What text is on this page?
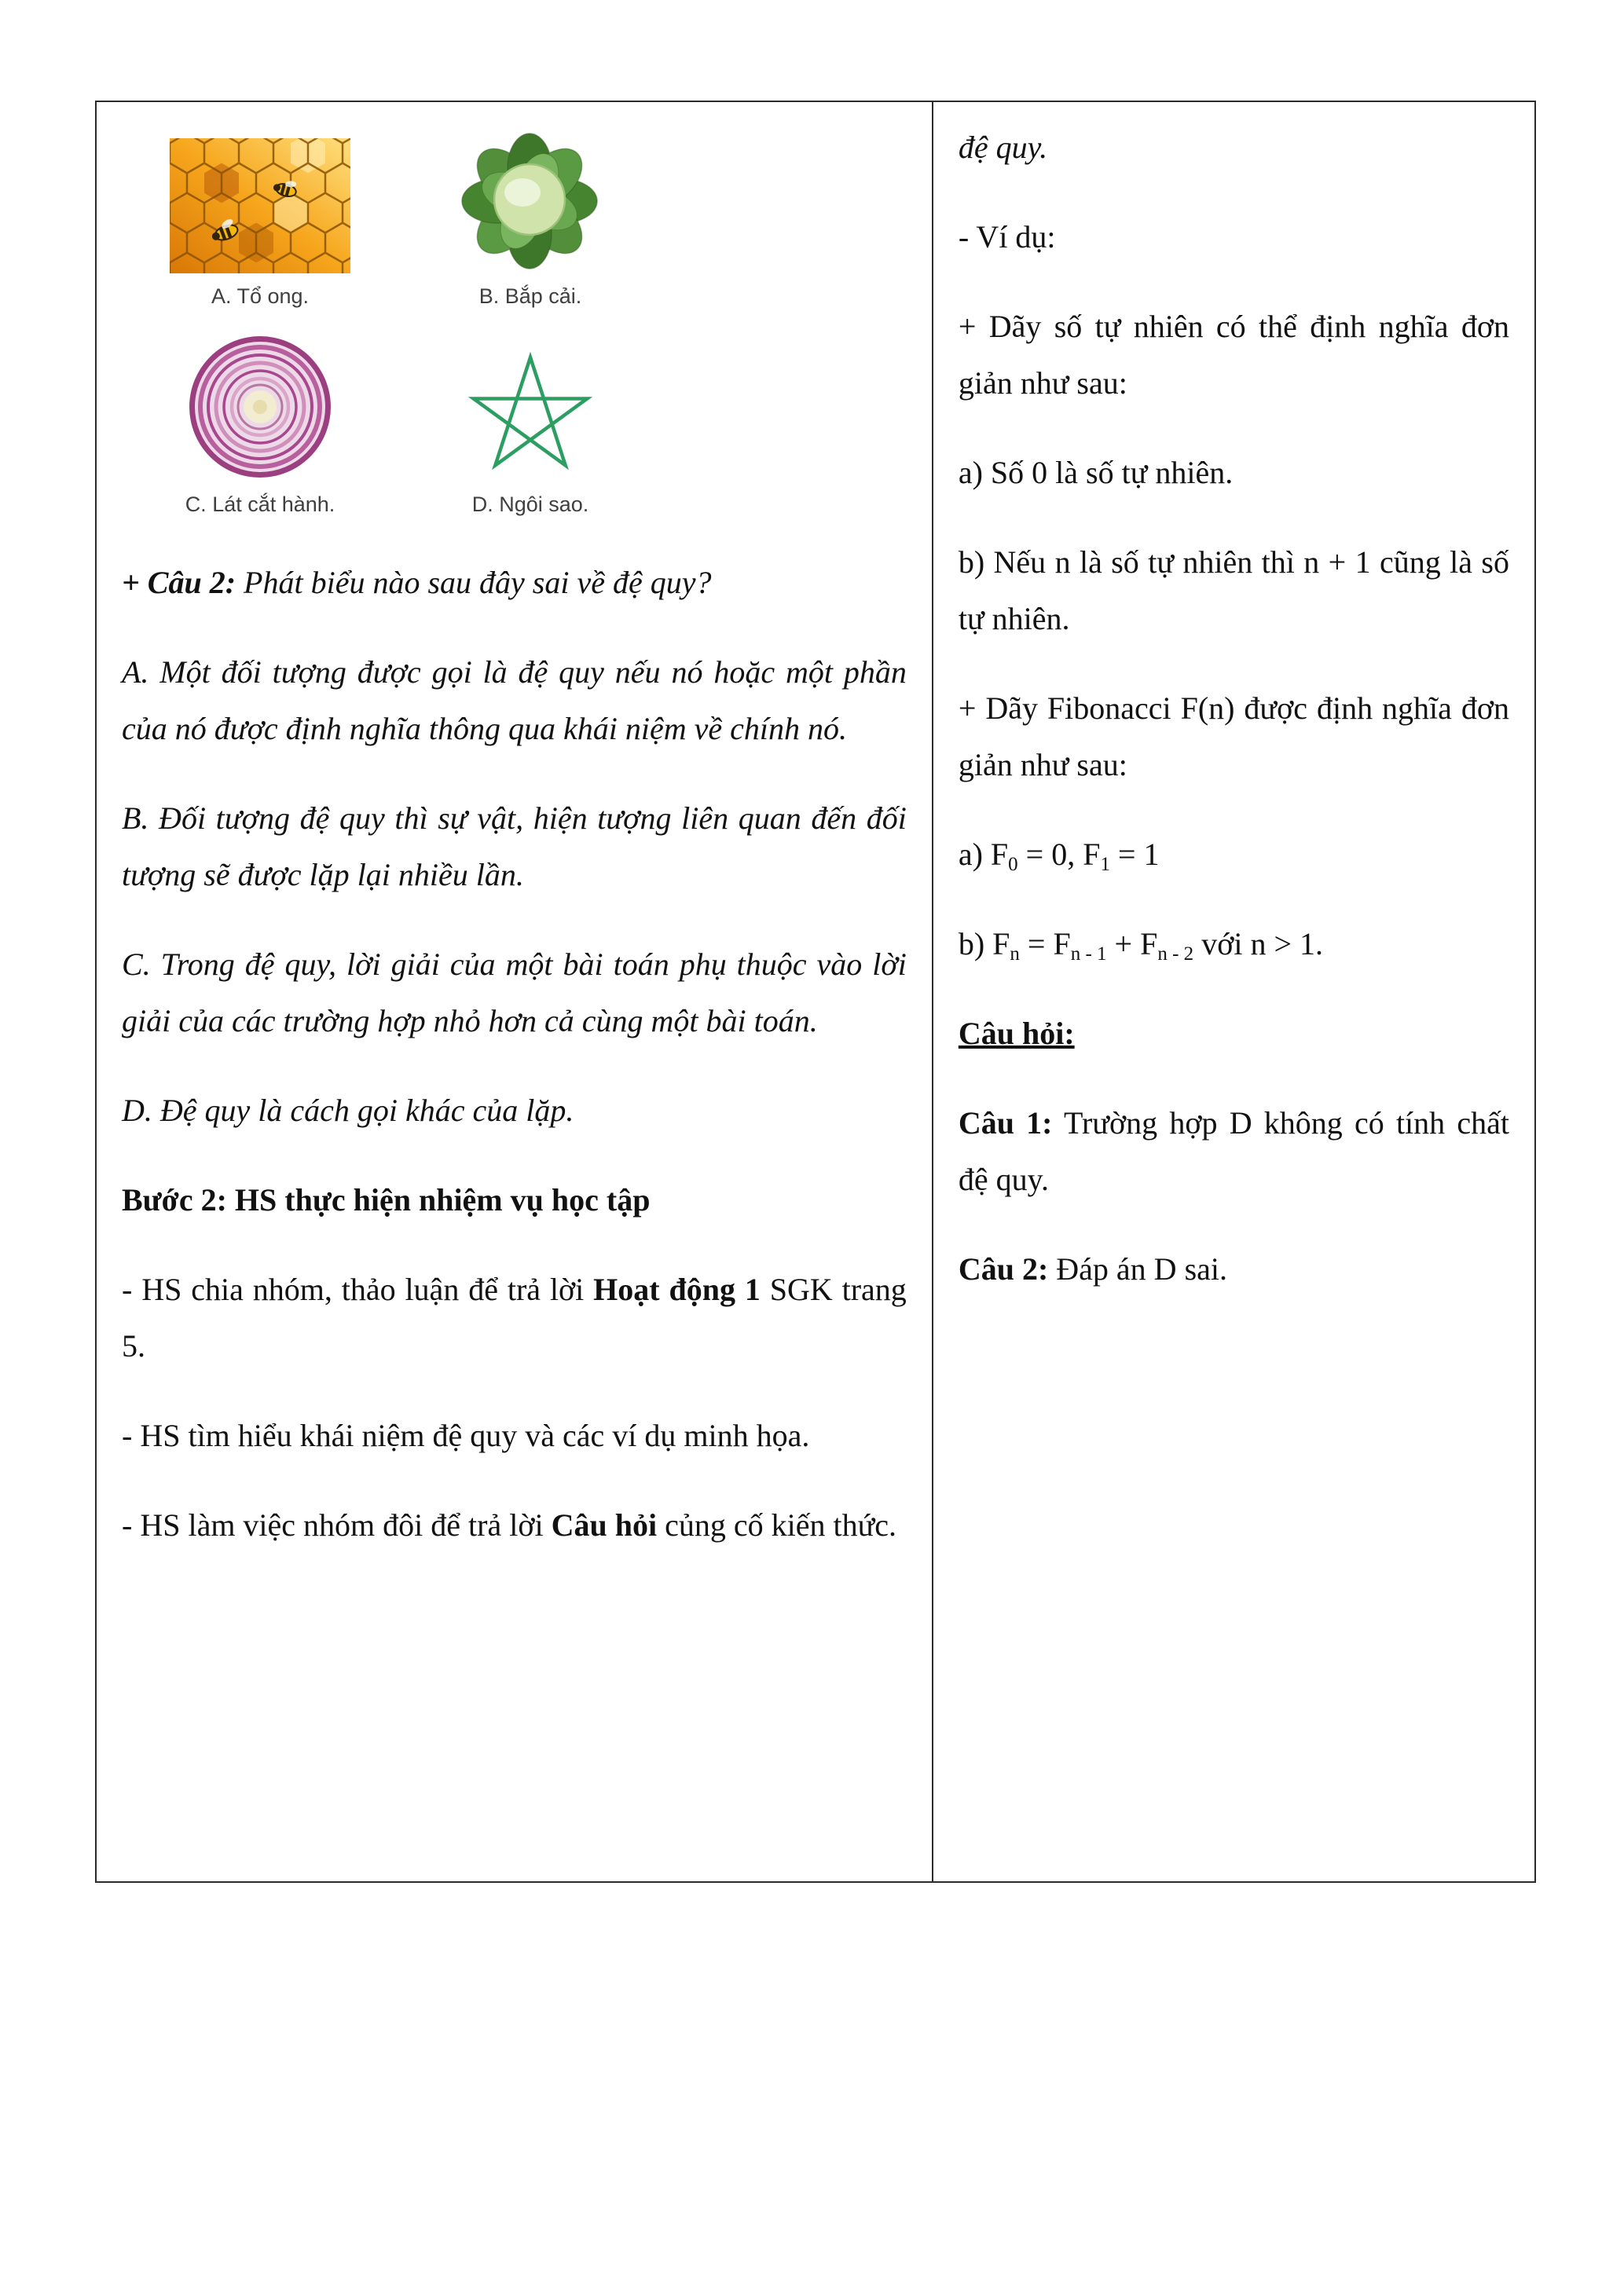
A. Tổ ong.	B. Bắp cải.
C. Lát cắt hành.	D. Ngôi sao.

+ Câu 2: Phát biểu nào sau đây sai về đệ quy?

A. Một đối tượng được gọi là đệ quy nếu nó hoặc một phần của nó được định nghĩa thông qua khái niệm về chính nó.

B. Đối tượng đệ quy thì sự vật, hiện tượng liên quan đến đối tượng sẽ được lặp lại nhiều lần.

C. Trong đệ quy, lời giải của một bài toán phụ thuộc vào lời giải của các trường hợp nhỏ hơn cả cùng một bài toán.

D. Đệ quy là cách gọi khác của lặp.

Bước 2: HS thực hiện nhiệm vụ học tập

- HS chia nhóm, thảo luận để trả lời Hoạt động 1 SGK trang 5.

- HS tìm hiểu khái niệm đệ quy và các ví dụ minh họa.

- HS làm việc nhóm đôi để trả lời Câu hỏi củng cố kiến thức.

đệ quy.

- Ví dụ:

+ Dãy số tự nhiên có thể định nghĩa đơn giản như sau:

a) Số 0 là số tự nhiên.

b) Nếu n là số tự nhiên thì n + 1 cũng là số tự nhiên.

+ Dãy Fibonacci F(n) được định nghĩa đơn giản như sau:

a) $F_0 = 0$, $F_1 = 1$

b) $F_n = F_{n - 1} + F_{n - 2}$ với n > 1.

Câu hỏi:

Câu 1: Trường hợp D không có tính chất đệ quy.

Câu 2: Đáp án D sai.
